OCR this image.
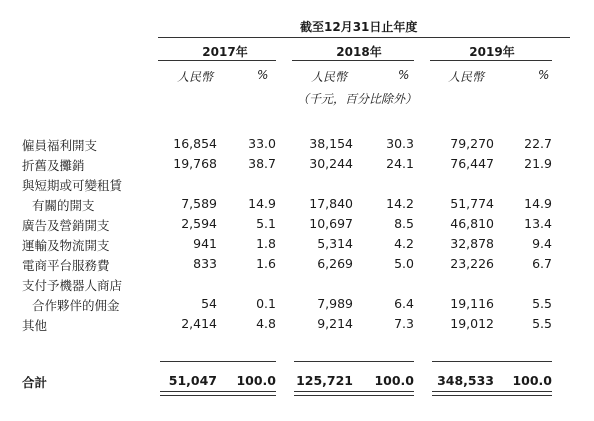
截至12月31日止年度
2017年	2018年	2019年
人民幣	%	人民幣	%	人民幣	%
（千元，百分比除外）
僱員福利開支	16,854	33.0	38,154	30.3	79,270	22.7
折舊及攤銷	19,768	38.7	30,244	24.1	76,447	21.9
與短期或可變租賃
有關的開支	7,589	14.9	17,840	14.2	51,774	14.9
廣告及營銷開支	2,594	5.1	10,697	8.5	46,810	13.4
運輸及物流開支	941	1.8	5,314	4.2	32,878	9.4
電商平台服務費	833	1.6	6,269	5.0	23,226	6.7
支付予機器人商店
合作夥伴的佣金	54	0.1	7,989	6.4	19,116	5.5
其他	2,414	4.8	9,214	7.3	19,012	5.5
合計	51,047 100.0 125,721 100.0 348,533 100.0
